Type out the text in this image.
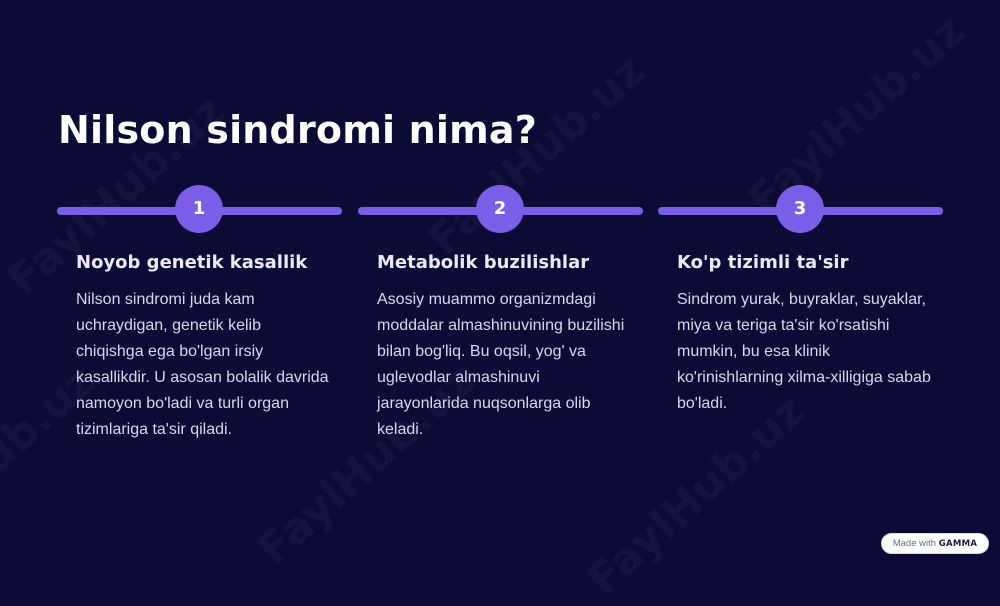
Nilson sindromi nima?
1
Noyob genetik kasallik

Nilson sindromi juda kam uchraydigan, genetik kelib chiqishga ega bo'lgan irsiy kasallikdir. U asosan bolalik davrida namoyon bo'ladi va turli organ tizimlariga ta'sir qiladi.

2
Metabolik buzilishlar

Asosiy muammo organizmdagi moddalar almashinuvining buzilishi bilan bog'liq. Bu oqsil, yog' va uglevodlar almashinuvi jarayonlarida nuqsonlarga olib keladi.

3
Ko'p tizimli ta'sir

Sindrom yurak, buyraklar, suyaklar, miya va teriga ta'sir ko'rsatishi mumkin, bu esa klinik ko'rinishlarning xilma-xilligiga sabab bo'ladi.

Made with GAMMA
